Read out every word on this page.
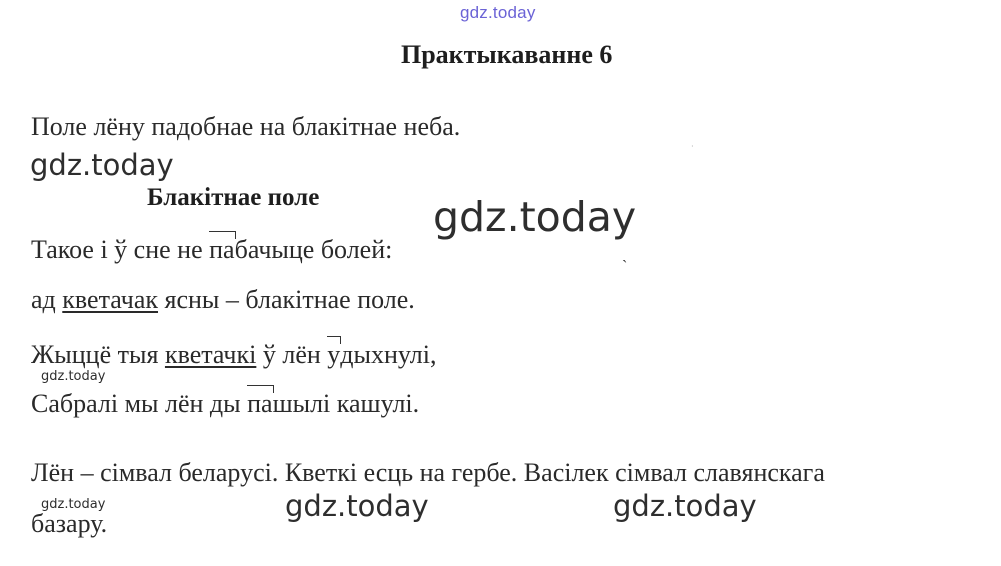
gdz.today
Практыкаванне 6
Поле лёну падобнае на блакітнае неба.
gdz.today
Блакітнае поле	gdz.today
·
Такое і ў сне не пабачыце болей:
ˋ
ад кветачак ясны – блакітнае поле.
Жыццё тыя кветачкі ў лён удыхнулі,
gdz.today
Сабралі мы лён ды пашылі кашулі.
Лён – сімвал беларусі. Кветкі есць на гербе. Васілек сімвал славянскага
gdz.today
базару.
gdz.today	gdz.today
